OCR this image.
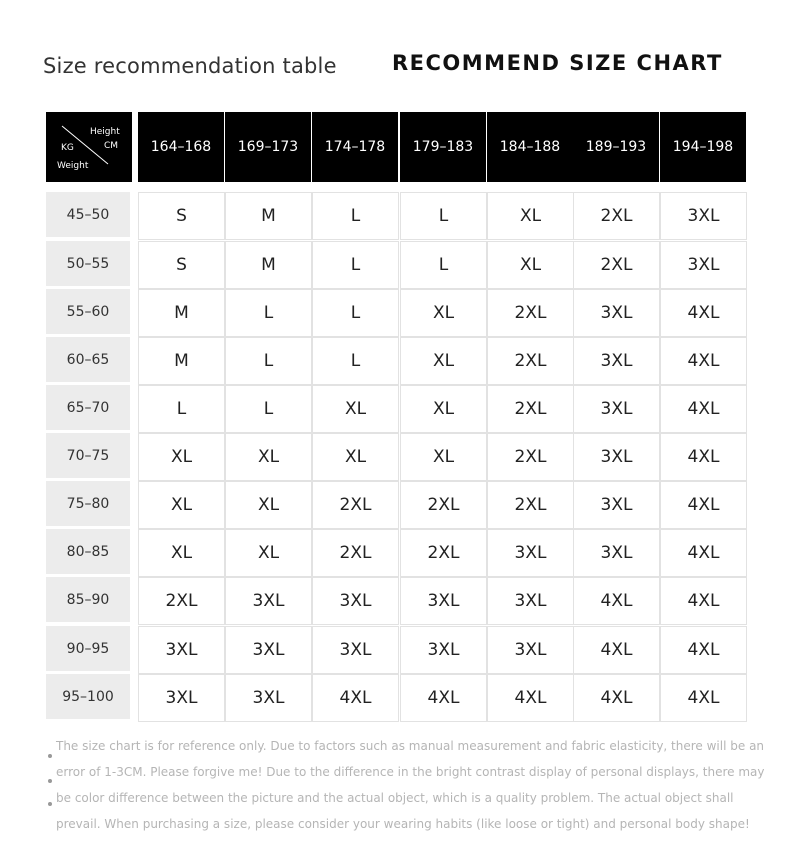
Size recommendation table	RECOMMEND SIZE CHART
Height
CM
KG
Weight
164–168	169–173	174–178	179–183	184–188	189–193	194–198
45–50	S	M	L	L	XL	2XL	3XL
50–55	S	M	L	L	XL	2XL	3XL
55–60	M	L	L	XL	2XL	3XL	4XL
60–65	M	L	L	XL	2XL	3XL	4XL
65–70	L	L	XL	XL	2XL	3XL	4XL
70–75	XL	XL	XL	XL	2XL	3XL	4XL
75–80	XL	XL	2XL	2XL	2XL	3XL	4XL
80–85	XL	XL	2XL	2XL	3XL	3XL	4XL
85–90	2XL	3XL	3XL	3XL	3XL	4XL	4XL
90–95	3XL	3XL	3XL	3XL	3XL	4XL	4XL
95–100	3XL	3XL	4XL	4XL	4XL	4XL	4XL

The size chart is for reference only. Due to factors such as manual measurement and fabric elasticity, there will be an

error of 1-3CM. Please forgive me! Due to the difference in the bright contrast display of personal displays, there may

be color difference between the picture and the actual object, which is a quality problem. The actual object shall

prevail. When purchasing a size, please consider your wearing habits (like loose or tight) and personal body shape!
